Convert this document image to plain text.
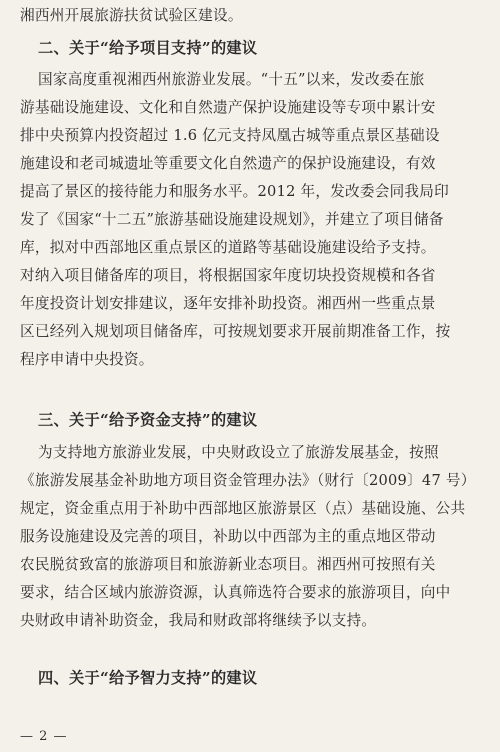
湘西州开展旅游扶贫试验区建设。
二、关于“给予项目支持”的建议
国家高度重视湘西州旅游业发展。“十五”以来，发改委在旅
游基础设施建设、文化和自然遗产保护设施建设等专项中累计安
排中央预算内投资超过 1.6 亿元支持凤凰古城等重点景区基础设
施建设和老司城遗址等重要文化自然遗产的保护设施建设，有效
提高了景区的接待能力和服务水平。2012 年，发改委会同我局印
发了《国家“十二五”旅游基础设施建设规划》，并建立了项目储备
库，拟对中西部地区重点景区的道路等基础设施建设给予支持。
对纳入项目储备库的项目，将根据国家年度切块投资规模和各省
年度投资计划安排建议，逐年安排补助投资。湘西州一些重点景
区已经列入规划项目储备库，可按规划要求开展前期准备工作，按
程序申请中央投资。
三、关于“给予资金支持”的建议
为支持地方旅游业发展，中央财政设立了旅游发展基金，按照
《旅游发展基金补助地方项目资金管理办法》（财行〔2009〕47 号）
规定，资金重点用于补助中西部地区旅游景区（点）基础设施、公共
服务设施建设及完善的项目，补助以中西部为主的重点地区带动
农民脱贫致富的旅游项目和旅游新业态项目。湘西州可按照有关
要求，结合区域内旅游资源，认真筛选符合要求的旅游项目，向中
央财政申请补助资金，我局和财政部将继续予以支持。
四、关于“给予智力支持”的建议
— 2 —
